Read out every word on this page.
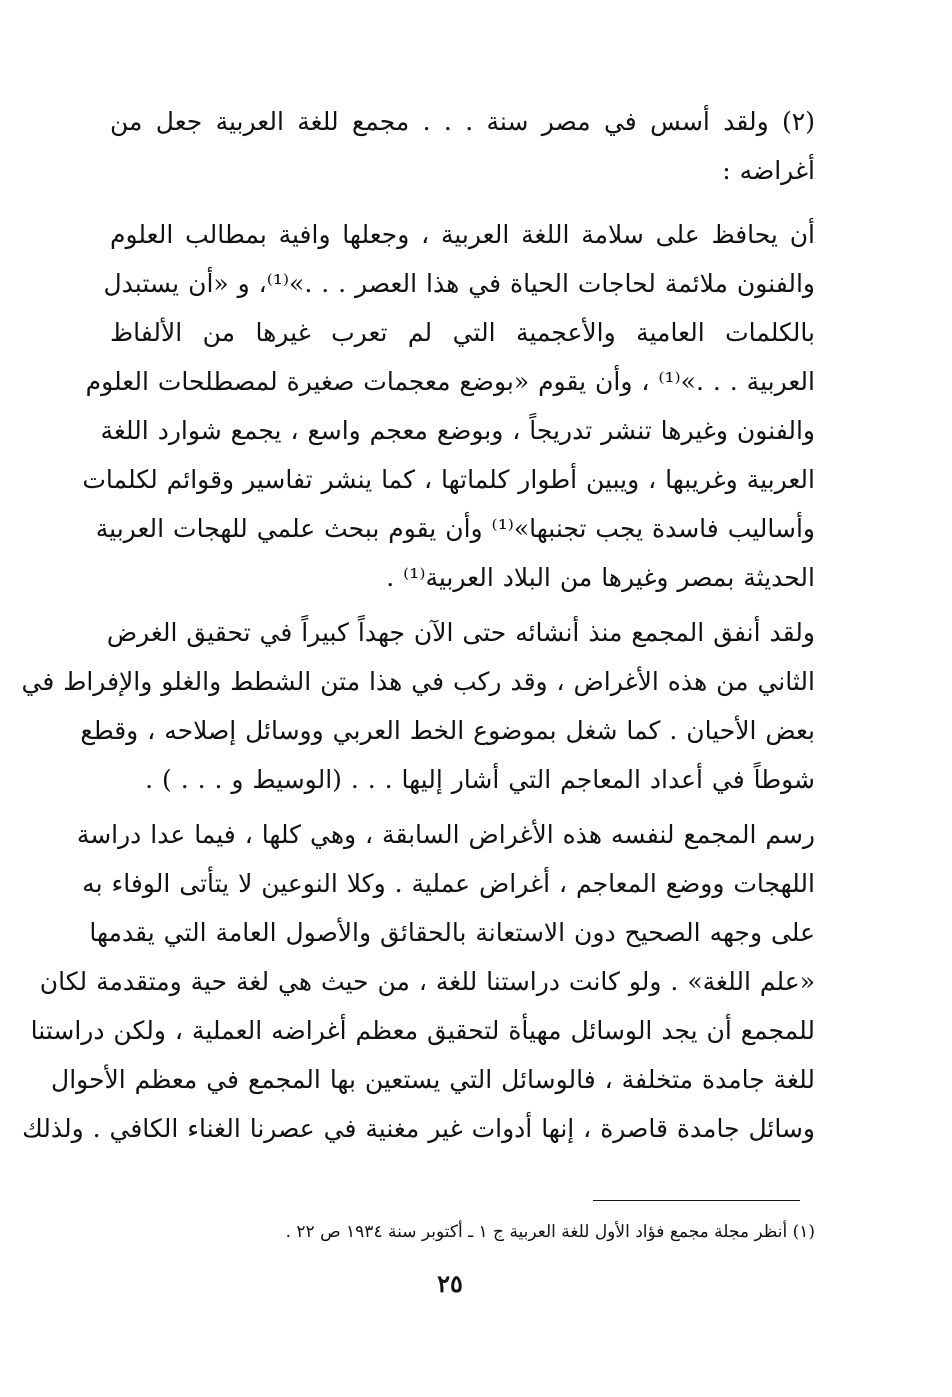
(٢) ولقد أسس في مصر سنة . . . مجمع للغة العربية جعل من
أغراضه :
أن يحافظ على سلامة اللغة العربية ، وجعلها وافية بمطالب العلوم
والفنون ملائمة لحاجات الحياة في هذا العصر . . .»⁽¹⁾، و «أن يستبدل
بالكلمات العامية والأعجمية التي لم تعرب غيرها من الألفاظ
العربية . . .»⁽¹⁾ ، وأن يقوم «بوضع معجمات صغيرة لمصطلحات العلوم
والفنون وغيرها تنشر تدريجاً ، وبوضع معجم واسع ، يجمع شوارد اللغة
العربية وغريبها ، ويبين أطوار كلماتها ، كما ينشر تفاسير وقوائم لكلمات
وأساليب فاسدة يجب تجنبها»⁽¹⁾ وأن يقوم ببحث علمي للهجات العربية
الحديثة بمصر وغيرها من البلاد العربية⁽¹⁾ .
ولقد أنفق المجمع منذ أنشائه حتى الآن جهداً كبيراً في تحقيق الغرض
الثاني من هذه الأغراض ، وقد ركب في هذا متن الشطط والغلو والإفراط في
بعض الأحيان . كما شغل بموضوع الخط العربي ووسائل إصلاحه ، وقطع
شوطاً في أعداد المعاجم التي أشار إليها . . . (الوسيط و . . . ) .
رسم المجمع لنفسه هذه الأغراض السابقة ، وهي كلها ، فيما عدا دراسة
اللهجات ووضع المعاجم ، أغراض عملية . وكلا النوعين لا يتأتى الوفاء به
على وجهه الصحيح دون الاستعانة بالحقائق والأصول العامة التي يقدمها
«علم اللغة» . ولو كانت دراستنا للغة ، من حيث هي لغة حية ومتقدمة لكان
للمجمع أن يجد الوسائل مهيأة لتحقيق معظم أغراضه العملية ، ولكن دراستنا
للغة جامدة متخلفة ، فالوسائل التي يستعين بها المجمع في معظم الأحوال
وسائل جامدة قاصرة ، إنها أدوات غير مغنية في عصرنا الغناء الكافي . ولذلك
(١) أنظر مجلة مجمع فؤاد الأول للغة العربية ج ١ ـ أكتوبر سنة ١٩٣٤ ص ٢٢ .
٢٥
